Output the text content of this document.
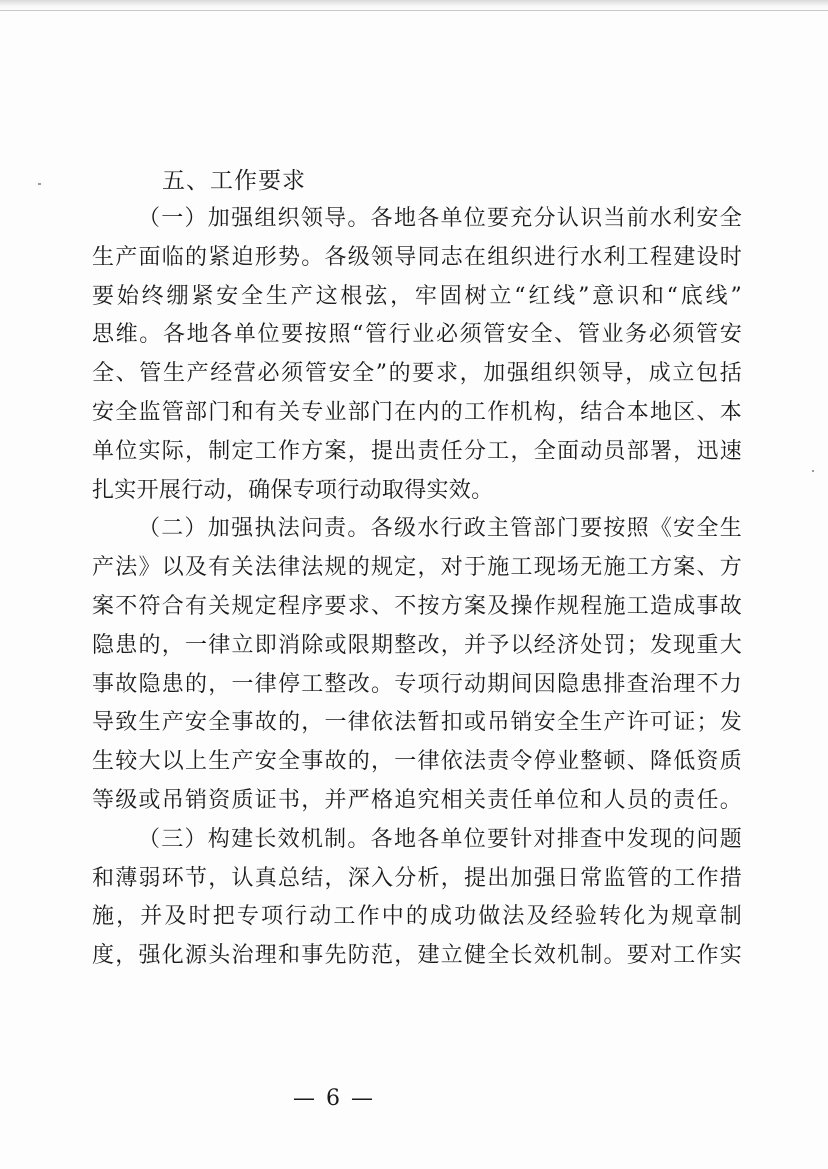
五、工作要求
（一）加强组织领导。各地各单位要充分认识当前水利安全
生产面临的紧迫形势。各级领导同志在组织进行水利工程建设时
要始终绷紧安全生产这根弦，牢固树立“红线”意识和“底线”
思维。各地各单位要按照“管行业必须管安全、管业务必须管安
全、管生产经营必须管安全”的要求，加强组织领导，成立包括
安全监管部门和有关专业部门在内的工作机构，结合本地区、本
单位实际，制定工作方案，提出责任分工，全面动员部署，迅速
扎实开展行动，确保专项行动取得实效。
（二）加强执法问责。各级水行政主管部门要按照《安全生
产法》以及有关法律法规的规定，对于施工现场无施工方案、方
案不符合有关规定程序要求、不按方案及操作规程施工造成事故
隐患的，一律立即消除或限期整改，并予以经济处罚；发现重大
事故隐患的，一律停工整改。专项行动期间因隐患排查治理不力
导致生产安全事故的，一律依法暂扣或吊销安全生产许可证；发
生较大以上生产安全事故的，一律依法责令停业整顿、降低资质
等级或吊销资质证书，并严格追究相关责任单位和人员的责任。
（三）构建长效机制。各地各单位要针对排查中发现的问题
和薄弱环节，认真总结，深入分析，提出加强日常监管的工作措
施，并及时把专项行动工作中的成功做法及经验转化为规章制
度，强化源头治理和事先防范，建立健全长效机制。要对工作实
— 6 —
